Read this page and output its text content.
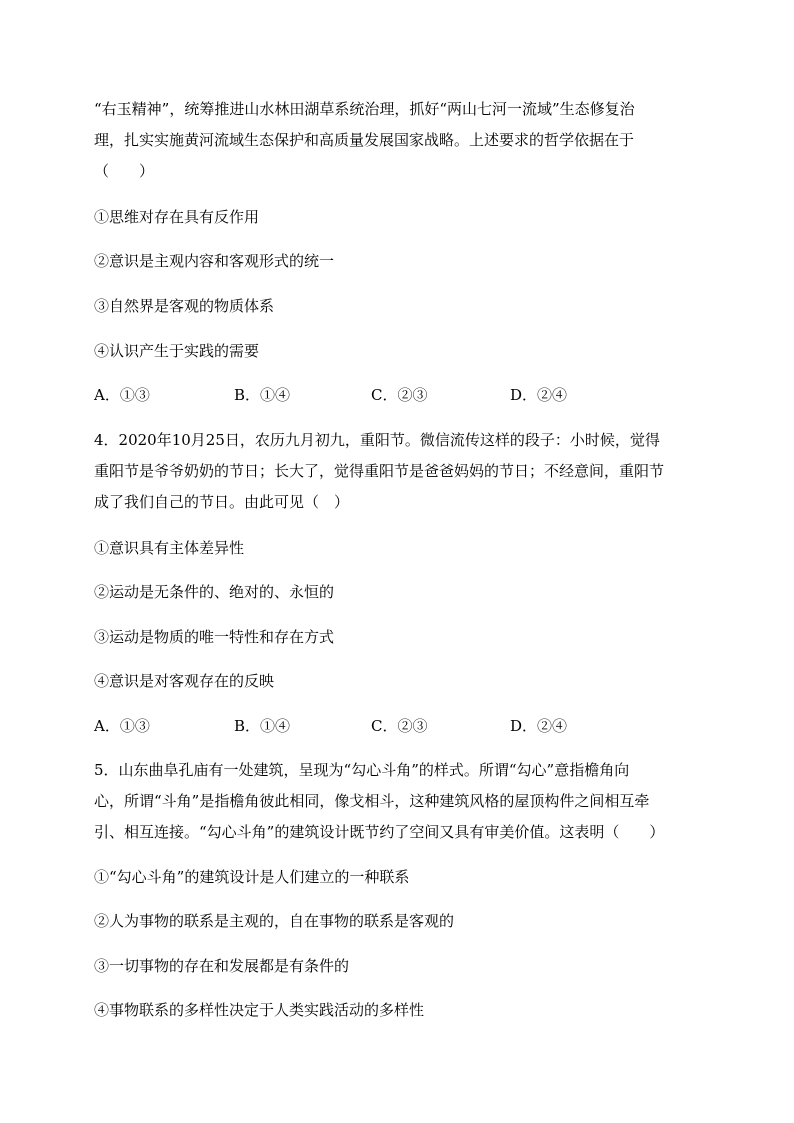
“右玉精神”，统筹推进山水林田湖草系统治理，抓好“两山七河一流域”生态修复治
理，扎实实施黄河流域生态保护和高质量发展国家战略。上述要求的哲学依据在于
（　　）
①思维对存在具有反作用
②意识是主观内容和客观形式的统一
③自然界是客观的物质体系
④认识产生于实践的需要
A．①③	B．①④	C．②③	D．②④
4．2020年10月25日，农历九月初九，重阳节。微信流传这样的段子：小时候，觉得
重阳节是爷爷奶奶的节日；长大了，觉得重阳节是爸爸妈妈的节日；不经意间，重阳节
成了我们自己的节日。由此可见（　）
①意识具有主体差异性
②运动是无条件的、绝对的、永恒的
③运动是物质的唯一特性和存在方式
④意识是对客观存在的反映
A．①③	B．①④	C．②③	D．②④
5．山东曲阜孔庙有一处建筑，呈现为“勾心斗角”的样式。所谓“勾心”意指檐角向
心，所谓“斗角”是指檐角彼此相同，像戈相斗，这种建筑风格的屋顶构件之间相互牵
引、相互连接。“勾心斗角”的建筑设计既节约了空间又具有审美价值。这表明（　　）
①“勾心斗角”的建筑设计是人们建立的一种联系
②人为事物的联系是主观的，自在事物的联系是客观的
③一切事物的存在和发展都是有条件的
④事物联系的多样性决定于人类实践活动的多样性
